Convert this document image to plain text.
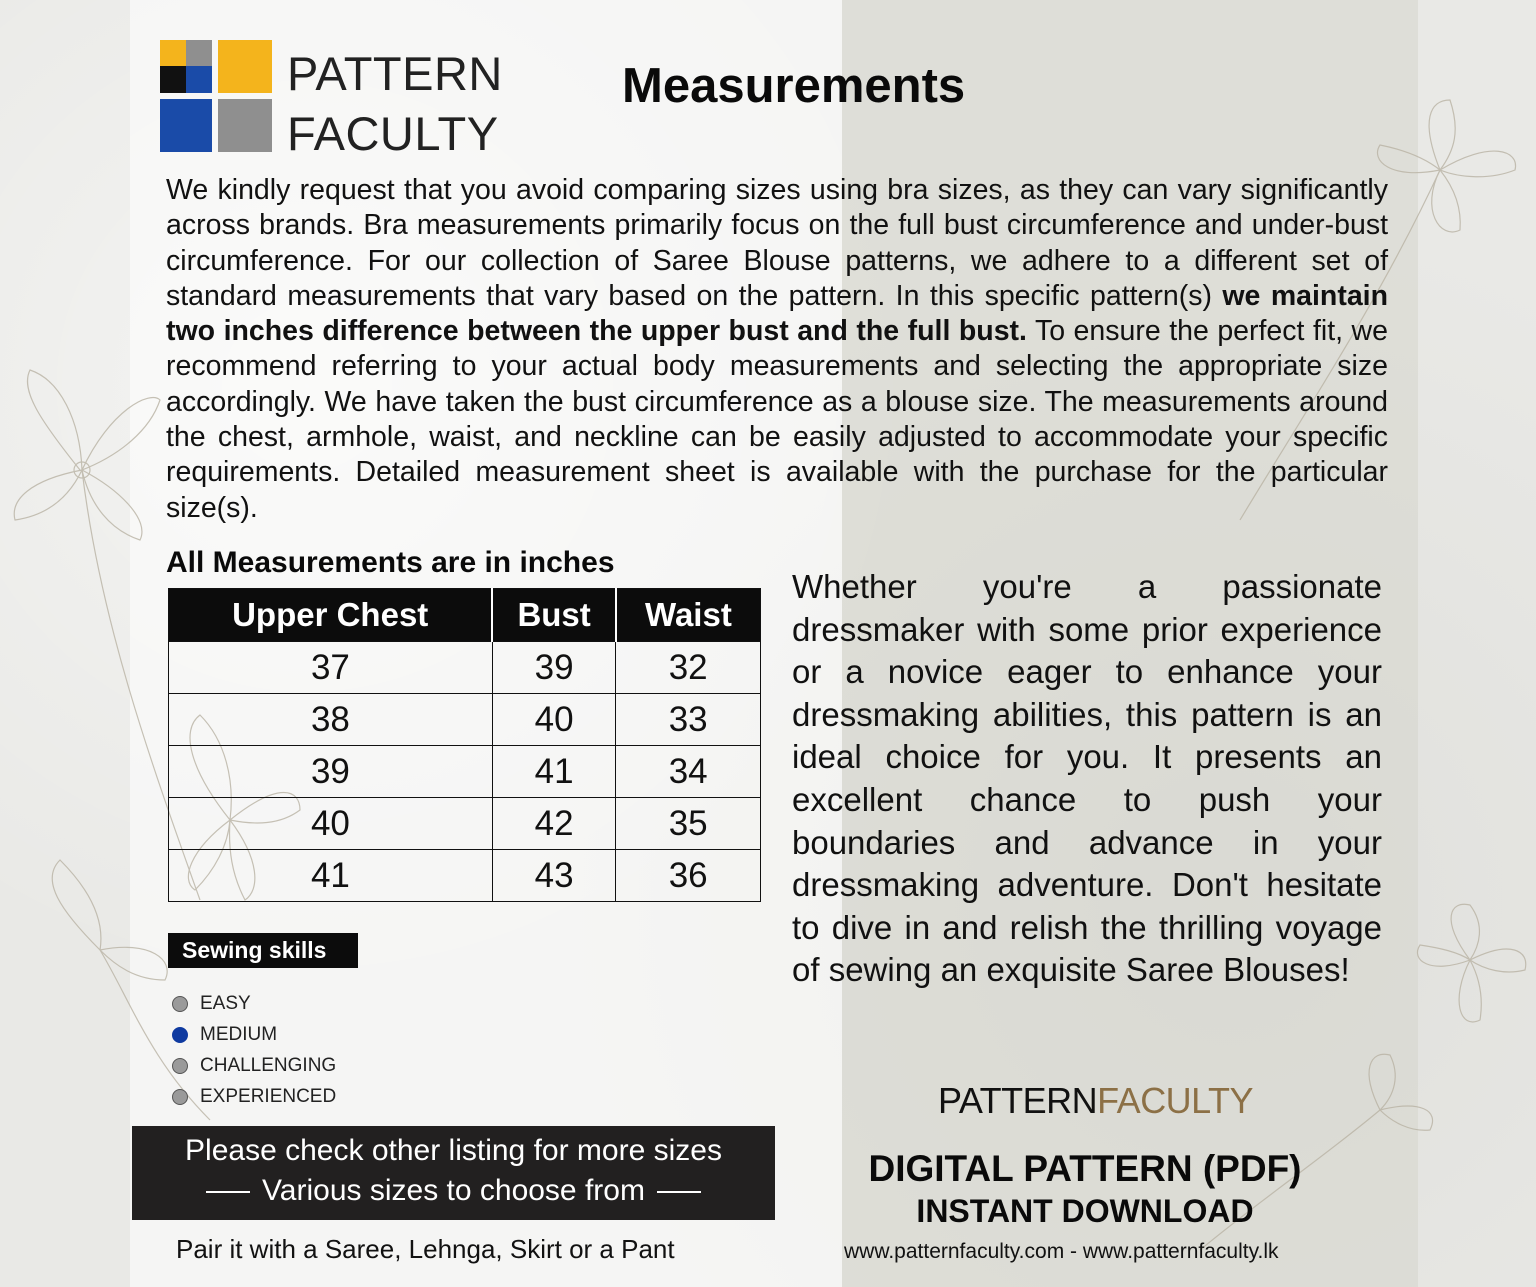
PATTERN
FACULTY
Measurements
We kindly request that you avoid comparing sizes using bra sizes, as they can vary significantly across brands. Bra measurements primarily focus on the full bust circumference and under-bust circumference. For our collection of Saree Blouse patterns, we adhere to a different set of standard measurements that vary based on the pattern. In this specific pattern(s) we maintain two inches difference between the upper bust and the full bust. To ensure the perfect fit, we recommend referring to your actual body measurements and selecting the appropriate size accordingly. We have taken the bust circumference as a blouse size. The measurements around the chest, armhole, waist, and neckline can be easily adjusted to accommodate your specific requirements. Detailed measurement sheet is available with the purchase for the particular size(s).
All Measurements are in inches
Upper Chest	Bust	Waist
37	39	32
38	40	33
39	41	34
40	42	35
41	43	36
Sewing skills
EASY
MEDIUM
CHALLENGING
EXPERIENCED
Whether you're a passionate dressmaker with some prior experience or a novice eager to enhance your dressmaking abilities, this pattern is an ideal choice for you. It presents an excellent chance to push your boundaries and advance in your dressmaking adventure. Don't hesitate to dive in and relish the thrilling voyage of sewing an exquisite Saree Blouses!
Please check other listing for more sizes
Various sizes to choose from
Pair it with a Saree, Lehnga, Skirt or a Pant
PATTERNFACULTY
DIGITAL PATTERN (PDF)
INSTANT DOWNLOAD
www.patternfaculty.com - www.patternfaculty.lk
